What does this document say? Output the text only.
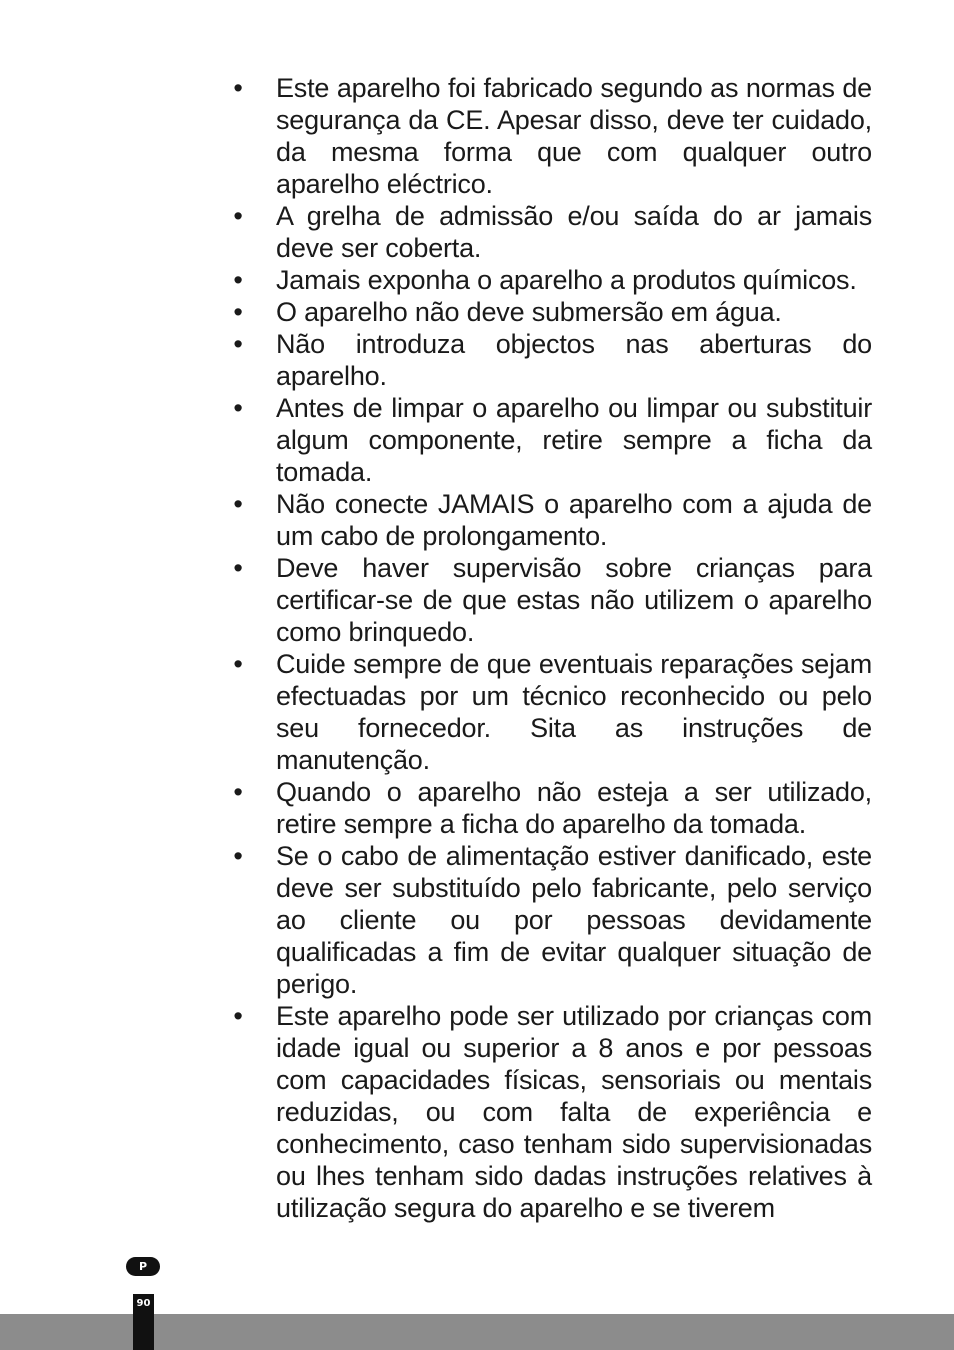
• Este aparelho foi fabricado segundo as normas de segurança da CE. Apesar disso, deve ter cuidado, da mesma forma que com qualquer outro aparelho eléctrico.
• A grelha de admissão e/ou saída do ar jamais deve ser coberta.
• Jamais exponha o aparelho a produtos químicos.
• O aparelho não deve submersão em água.
• Não introduza objectos nas aberturas do aparelho.
• Antes de limpar o aparelho ou limpar ou substituir algum componente, retire sempre a ficha da tomada.
• Não conecte JAMAIS o aparelho com a ajuda de um cabo de prolongamento.
• Deve haver supervisão sobre crianças para certificar-se de que estas não utilizem o aparelho como brinquedo.
• Cuide sempre de que eventuais reparações sejam efectuadas por um técnico reconhecido ou pelo seu fornecedor. Sita as instruções de manutenção.
• Quando o aparelho não esteja a ser utilizado, retire sempre a ficha do aparelho da tomada.
• Se o cabo de alimentação estiver danificado, este deve ser substituído pelo fabricante, pelo serviço ao cliente ou por pessoas devidamente qualificadas a fim de evitar qualquer situação de perigo.
• Este aparelho pode ser utilizado por crianças com idade igual ou superior a 8 anos e por pessoas com capacidades físicas, sensoriais ou mentais reduzidas, ou com falta de experiência e conhecimento, caso tenham sido supervisionadas ou lhes tenham sido dadas instruções relatives à utilização segura do aparelho e se tiverem
P
90
